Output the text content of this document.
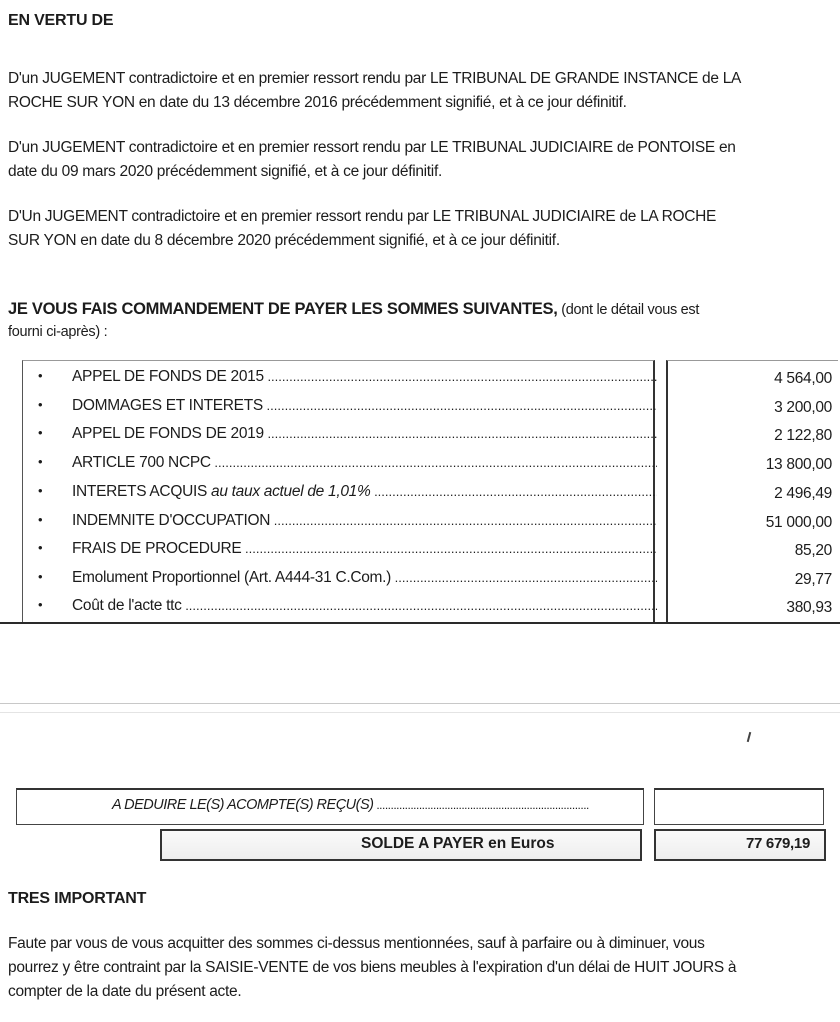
EN VERTU DE
D'un JUGEMENT contradictoire et en premier ressort rendu par LE TRIBUNAL DE GRANDE INSTANCE de LA
ROCHE SUR YON en date du 13 décembre 2016 précédemment signifié, et à ce jour définitif.
D'un JUGEMENT contradictoire et en premier ressort rendu par LE TRIBUNAL JUDICIAIRE de PONTOISE en
date du 09 mars 2020 précédemment signifié, et à ce jour définitif.
D'Un JUGEMENT contradictoire et en premier ressort rendu par LE TRIBUNAL JUDICIAIRE de LA ROCHE
SUR YON en date du 8 décembre 2020 précédemment signifié, et à ce jour définitif.
JE VOUS FAIS COMMANDEMENT DE PAYER LES SOMMES SUIVANTES, (dont le détail vous est
fourni ci-après) :
• APPEL DE FONDS DE 2015 .....	4 564,00
• DOMMAGES ET INTERETS .....	3 200,00
• APPEL DE FONDS DE 2019 .....	2 122,80
• ARTICLE 700 NCPC .....	13 800,00
• INTERETS ACQUIS au taux actuel de 1,01% .....	2 496,49
• INDEMNITE D'OCCUPATION .....	51 000,00
• FRAIS DE PROCEDURE .....	85,20
• Emolument Proportionnel (Art. A444-31 C.Com.) .....	29,77
• Coût de l'acte ttc .....	380,93
A DEDUIRE LE(S) ACOMPTE(S) REÇU(S) .....
SOLDE A PAYER en Euros	77 679,19
TRES IMPORTANT
Faute par vous de vous acquitter des sommes ci-dessus mentionnées, sauf à parfaire ou à diminuer, vous
pourrez y être contraint par la SAISIE-VENTE de vos biens meubles à l'expiration d'un délai de HUIT JOURS à
compter de la date du présent acte.
